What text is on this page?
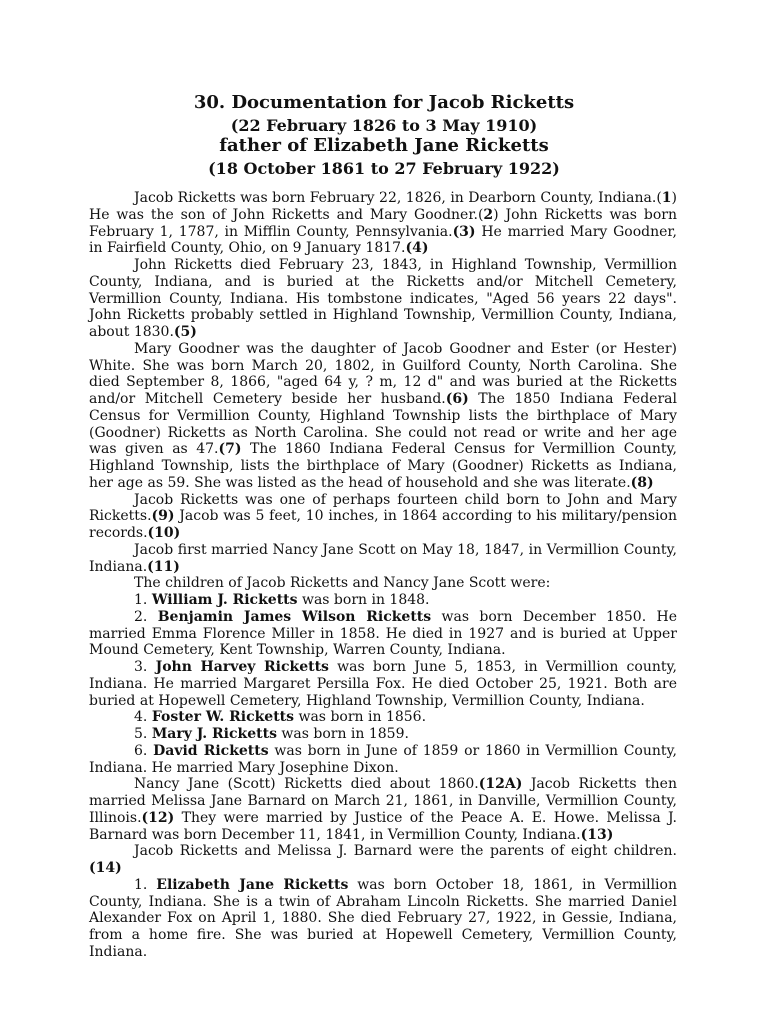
30. Documentation for Jacob Ricketts
(22 February 1826 to 3 May 1910)
father of Elizabeth Jane Ricketts
(18 October 1861 to 27 February 1922)

Jacob Ricketts was born February 22, 1826, in Dearborn County, Indiana.(1) He was the son of John Ricketts and Mary Goodner.(2) John Ricketts was born February 1, 1787, in Mifflin County, Pennsylvania.(3) He married Mary Goodner, in Fairfield County, Ohio, on 9 January 1817.(4)

John Ricketts died February 23, 1843, in Highland Township, Vermillion County, Indiana, and is buried at the Ricketts and/or Mitchell Cemetery, Vermillion County, Indiana. His tombstone indicates, "Aged 56 years 22 days". John Ricketts probably settled in Highland Township, Vermillion County, Indiana, about 1830.(5)

Mary Goodner was the daughter of Jacob Goodner and Ester (or Hester) White. She was born March 20, 1802, in Guilford County, North Carolina. She died September 8, 1866, "aged 64 y, ? m, 12 d" and was buried at the Ricketts and/or Mitchell Cemetery beside her husband.(6) The 1850 Indiana Federal Census for Vermillion County, Highland Township lists the birthplace of Mary (Goodner) Ricketts as North Carolina. She could not read or write and her age was given as 47.(7) The 1860 Indiana Federal Census for Vermillion County, Highland Township, lists the birthplace of Mary (Goodner) Ricketts as Indiana, her age as 59. She was listed as the head of household and she was literate.(8)

Jacob Ricketts was one of perhaps fourteen child born to John and Mary Ricketts.(9) Jacob was 5 feet, 10 inches, in 1864 according to his military/pension records.(10)

Jacob first married Nancy Jane Scott on May 18, 1847, in Vermillion County, Indiana.(11)

The children of Jacob Ricketts and Nancy Jane Scott were:

1. William J. Ricketts was born in 1848.

2. Benjamin James Wilson Ricketts was born December 1850. He married Emma Florence Miller in 1858. He died in 1927 and is buried at Upper Mound Cemetery, Kent Township, Warren County, Indiana.

3. John Harvey Ricketts was born June 5, 1853, in Vermillion county, Indiana. He married Margaret Persilla Fox. He died October 25, 1921. Both are buried at Hopewell Cemetery, Highland Township, Vermillion County, Indiana.

4. Foster W. Ricketts was born in 1856.

5. Mary J. Ricketts was born in 1859.

6. David Ricketts was born in June of 1859 or 1860 in Vermillion County, Indiana. He married Mary Josephine Dixon.

Nancy Jane (Scott) Ricketts died about 1860.(12A) Jacob Ricketts then married Melissa Jane Barnard on March 21, 1861, in Danville, Vermillion County, Illinois.(12) They were married by Justice of the Peace A. E. Howe. Melissa J. Barnard was born December 11, 1841, in Vermillion County, Indiana.(13)

Jacob Ricketts and Melissa J. Barnard were the parents of eight children.(14)

1. Elizabeth Jane Ricketts was born October 18, 1861, in Vermillion County, Indiana. She is a twin of Abraham Lincoln Ricketts. She married Daniel Alexander Fox on April 1, 1880. She died February 27, 1922, in Gessie, Indiana, from a home fire. She was buried at Hopewell Cemetery, Vermillion County, Indiana.
